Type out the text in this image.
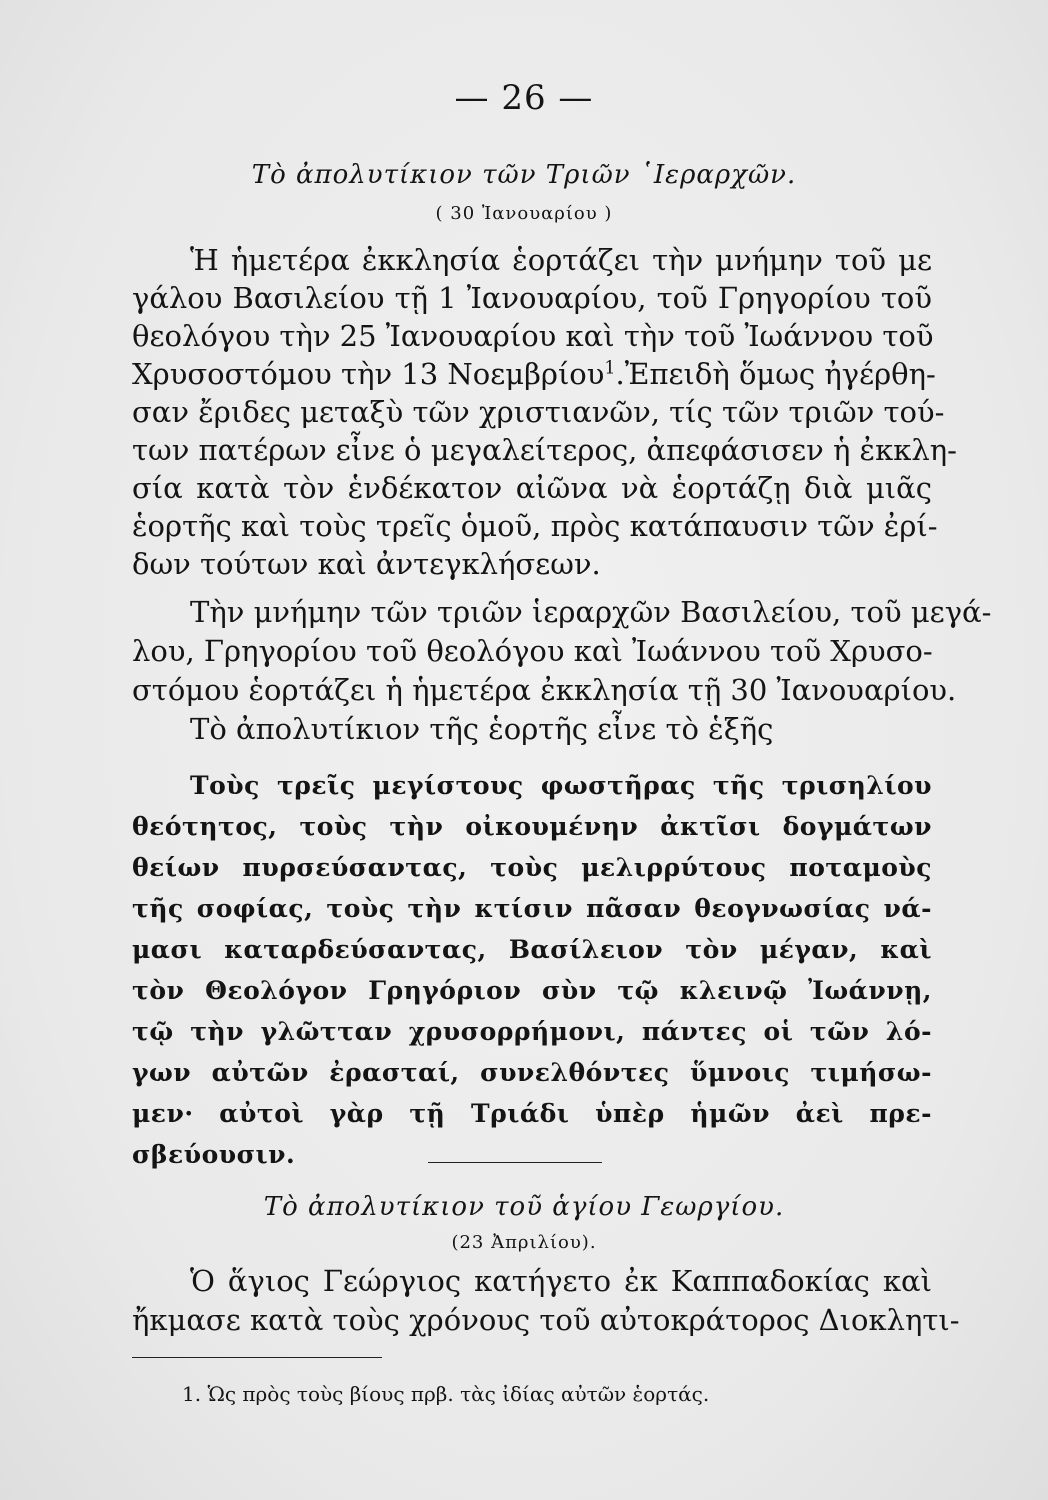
— 26 —
Τὸ ἀπολυτίκιον τῶν Τριῶν ῾Ιεραρχῶν.
( 30 Ἰανουαρίου )
Ἡ ἡμετέρα ἐκκλησία ἑορτάζει τὴν μνήμην τοῦ με
γάλου Βασιλείου τῇ 1 Ἰανουαρίου, τοῦ Γρηγορίου τοῦ
θεολόγου τὴν 25 Ἰανουαρίου καὶ τὴν τοῦ Ἰωάννου τοῦ
Χρυσοστόμου τὴν 13 Νοεμβρίου$^1$. Ἐπειδὴ ὅμως ἠγέρθη-
σαν ἔριδες μεταξὺ τῶν χριστιανῶν, τίς τῶν τριῶν τού-
των πατέρων εἶνε ὁ μεγαλείτερος, ἀπεφάσισεν ἡ ἐκκλη-
σία κατὰ τὸν ἑνδέκατον αἰῶνα νὰ ἑορτάζῃ διὰ μιᾶς
ἑορτῆς καὶ τοὺς τρεῖς ὁμοῦ, πρὸς κατάπαυσιν τῶν ἐρί-
δων τούτων καὶ ἀντεγκλήσεων.
Τὴν μνήμην τῶν τριῶν ἱεραρχῶν Βασιλείου, τοῦ μεγά-
λου, Γρηγορίου τοῦ θεολόγου καὶ Ἰωάννου τοῦ Χρυσο-
στόμου ἑορτάζει ἡ ἡμετέρα ἐκκλησία τῇ 30 Ἰανουαρίου.
Τὸ ἀπολυτίκιον τῆς ἑορτῆς εἶνε τὸ ἑξῆς
Τοὺς τρεῖς μεγίστους φωστῆρας τῆς τρισηλίου
θεότητος, τοὺς τὴν οἰκουμένην ἀκτῖσι δογμάτων
θείων πυρσεύσαντας, τοὺς μελιρρύτους ποταμοὺς
τῆς σοφίας, τοὺς τὴν κτίσιν πᾶσαν θεογνωσίας νά-
μασι καταρδεύσαντας, Βασίλειον τὸν μέγαν, καὶ
τὸν Θεολόγον Γρηγόριον σὺν τῷ κλεινῷ Ἰωάννῃ,
τῷ τὴν γλῶτταν χρυσορρήμονι, πάντες οἱ τῶν λό-
γων αὐτῶν ἐρασταί, συνελθόντες ὕμνοις τιμήσω-
μεν· αὐτοὶ γὰρ τῇ Τριάδι ὑπὲρ ἡμῶν ἀεὶ πρε-
σβεύουσιν.
Τὸ ἀπολυτίκιον τοῦ ἁγίου Γεωργίου.
(23 Ἀπριλίου).
Ὁ ἅγιος Γεώργιος κατήγετο ἐκ Καππαδοκίας καὶ
ἤκμασε κατὰ τοὺς χρόνους τοῦ αὐτοκράτορος Διοκλητι-
1. Ὡς πρὸς τοὺς βίους πρβ. τὰς ἰδίας αὐτῶν ἑορτάς.
